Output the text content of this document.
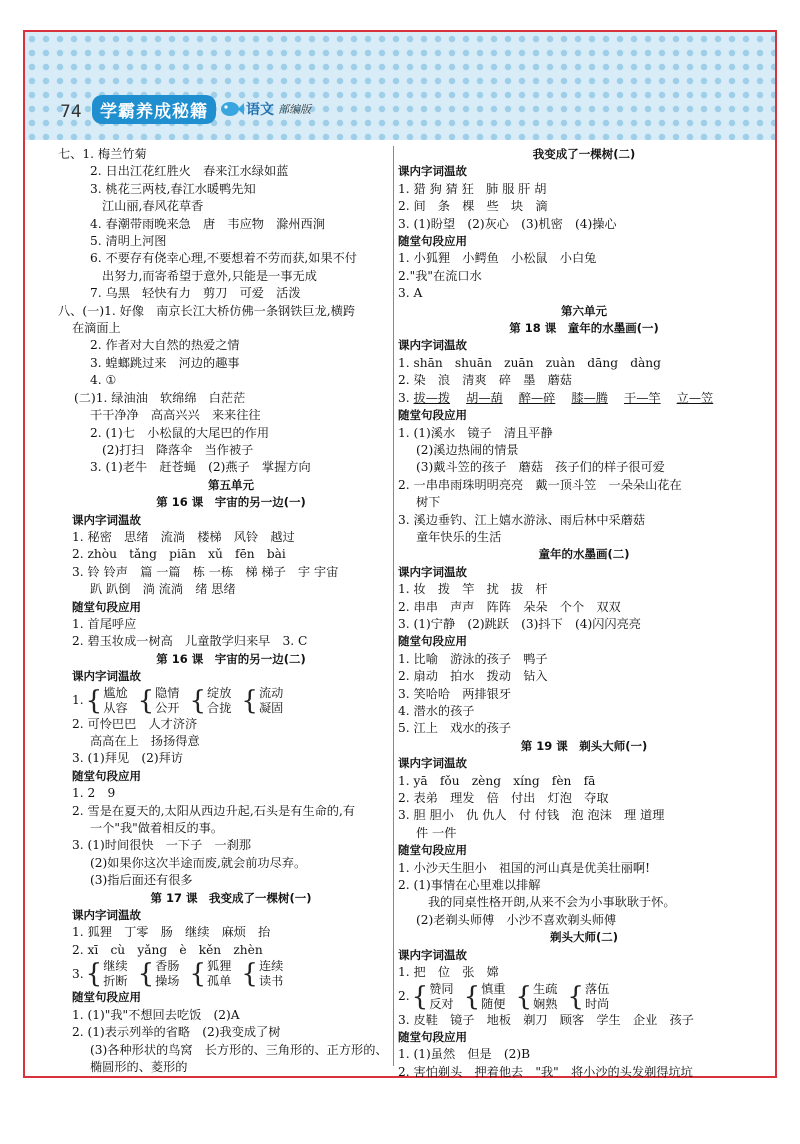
74	学霸养成秘籍	语文 部编版
七、1. 梅兰竹菊
2. 日出江花红胜火　春来江水绿如蓝
3. 桃花三两枝,春江水暖鸭先知
江山丽,春风花草香
4. 春潮带雨晚来急　唐　韦应物　滁州西涧
5. 清明上河图
6. 不要存有侥幸心理,不要想着不劳而获,如果不付
出努力,而寄希望于意外,只能是一事无成
7. 乌黑　轻快有力　剪刀　可爱　活泼
八、(一)1. 好像　南京长江大桥仿佛一条钢铁巨龙,横跨
在滴面上
2. 作者对大自然的热爱之情
3. 蝗螂跳过来　河边的趣事
4. ①
(二)1. 绿油油　软绵绵　白茫茫
干干净净　高高兴兴　来来往往
2. (1)七　小松鼠的大尾巴的作用
(2)打扫　降落伞　当作被子
3. (1)老牛　赶苍蝇　(2)燕子　掌握方向
第五单元
第 16 课　宇宙的另一边(一)
课内字词温故
1. 秘密　思绪　流淌　楼梯　风铃　越过
2. zhòu　tǎng　piān　xǔ　fēn　bài
3. 铃 铃声　篇 一篇　栋 一栋　梯 梯子　宇 宇宙
趴 趴倒　淌 流淌　绪 思绪
随堂句段应用
1. 首尾呼应
2. 碧玉妆成一树高　儿童散学归来早　3. C
第 16 课　宇宙的另一边(二)
课内字词温故
1. { 尴尬
从容 { 隐情
公开 { 绽放
合拢 { 流动
凝固
2. 可怜巴巴　人才济济
高高在上　扬扬得意
3. (1)拜见　(2)拜访
随堂句段应用
1. 2　9
2. 雪是在夏天的,太阳从西边升起,石头是有生命的,有
一个"我"做着相反的事。
3. (1)时间很快　一下子　一刹那
(2)如果你这次半途而废,就会前功尽弃。
(3)指后面还有很多
第 17 课　我变成了一棵树(一)
课内字词温故
1. 狐狸　丁零　肠　继续　麻烦　抬
2. xī　cù　yǎng　è　kěn　zhèn
3. { 继续
折断 { 香肠
操场 { 狐狸
孤单 { 连续
读书
随堂句段应用
1. (1)"我"不想回去吃饭　(2)A
2. (1)表示列举的省略　(2)我变成了树
(3)各种形状的鸟窝　长方形的、三角形的、正方形的、
椭圆形的、菱形的
我变成了一棵树(二)
课内字词温故
1. 猎 狗 猜 狂　肺 服 肝 胡
2. 间　条　棵　些　块　滴
3. (1)盼望　(2)灰心　(3)机密　(4)操心
随堂句段应用
1. 小狐狸　小鳄鱼　小松鼠　小白兔
2."我"在流口水
3. A
第六单元
第 18 课　童年的水墨画(一)
课内字词温故
1. shān　shuān　zuān　zuàn　dāng　dàng
2. 染　浪　清爽　碎　墨　蘑菇
3. 拔—拨　 胡—葫　 醉—碎　 膝—腾　 干—竿　 立—笠
随堂句段应用
1. (1)溪水　镜子　清且平静
(2)溪边热闹的情景
(3)戴斗笠的孩子　蘑菇　孩子们的样子很可爱
2. 一串串雨珠明明亮亮　戴一顶斗笠　一朵朵山花在
树下
3. 溪边垂钓、江上嬉水游泳、雨后林中采蘑菇
童年快乐的生活
童年的水墨画(二)
课内字词温故
1. 妆　拨　竿　扰　拔　杆
2. 串串　声声　阵阵　朵朵　个个　双双
3. (1)宁静　(2)跳跃　(3)抖下　(4)闪闪亮亮
随堂句段应用
1. 比喻　游泳的孩子　鸭子
2. 扇动　拍水　拨动　钻入
3. 笑哈哈　两排银牙
4. 潜水的孩子
5. 江上　戏水的孩子
第 19 课　剃头大师(一)
课内字词温故
1. yā　fǒu　zèng　xíng　fèn　fā
2. 表弟　理发　倍　付出　灯泡　夺取
3. 胆 胆小　仇 仇人　付 付钱　泡 泡沫　理 道理
件 一件
随堂句段应用
1. 小沙天生胆小　祖国的河山真是优美壮丽啊!
2. (1)事情在心里难以排解
我的同桌性格开朗,从来不会为小事耿耿于怀。
(2)老剃头师傅　小沙不喜欢剃头师傅
剃头大师(二)
课内字词温故
1. 把　位　张　嫦
2. { 赞同
反对 { 慎重
随便 { 生疏
娴熟 { 落伍
时尚
3. 皮鞋　镜子　地板　剃刀　顾客　学生　企业　孩子
随堂句段应用
1. (1)虽然　但是　(2)B
2. 害怕剃头　押着他去　"我"　将小沙的头发剃得坑坑
